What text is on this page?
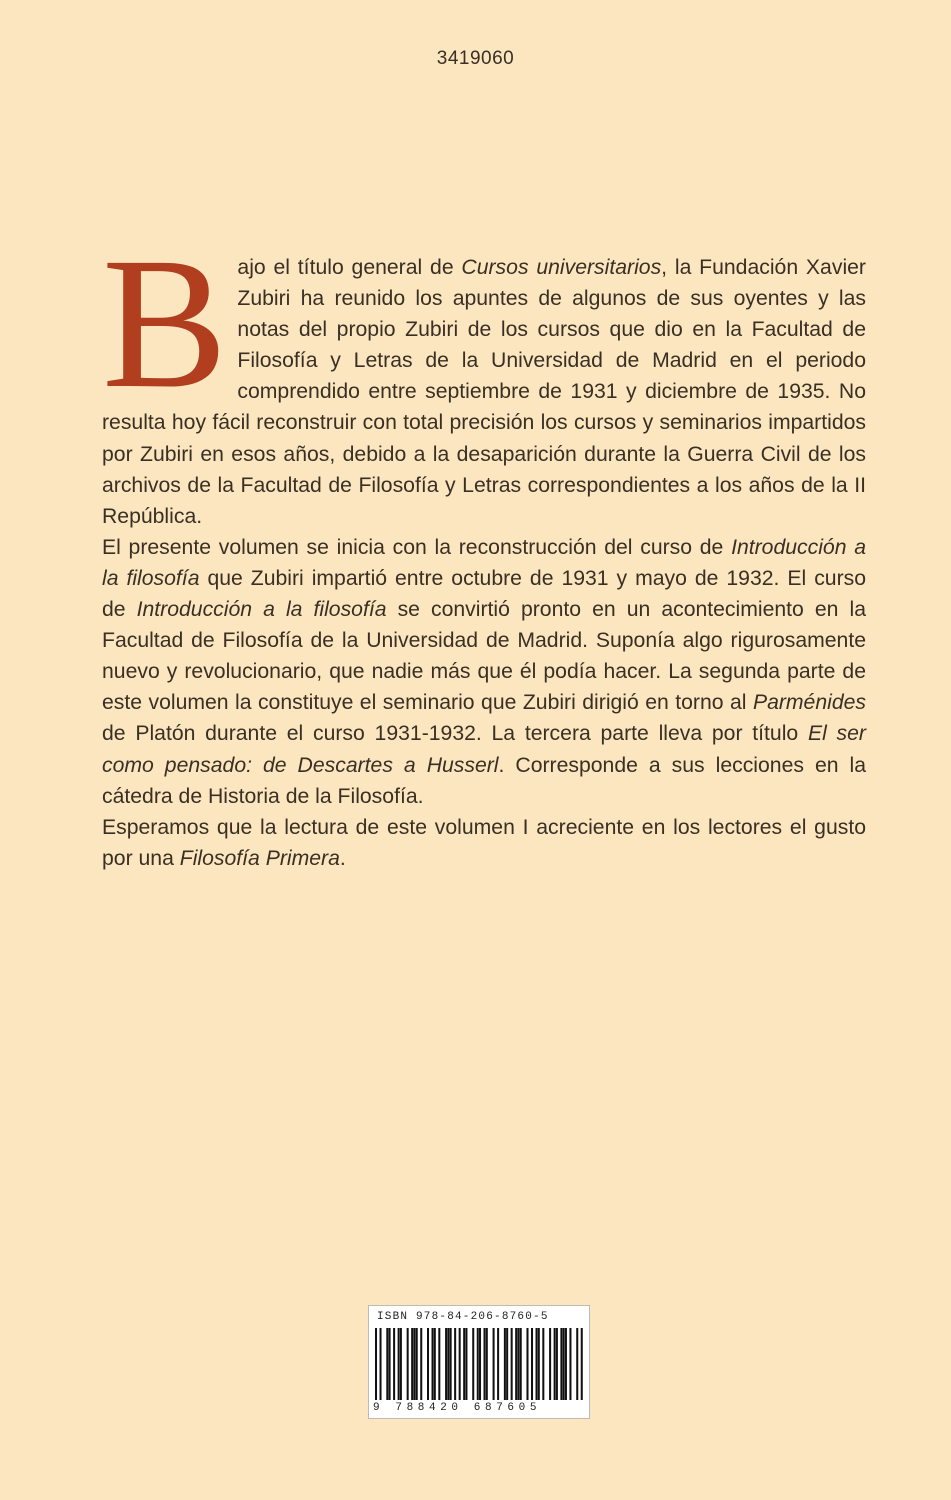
3419060
B ajo el título general de Cursos universitarios, la Fundación Xavier Zubiri ha reunido los apuntes de algunos de sus oyentes y las notas del propio Zubiri de los cursos que dio en la Facultad de Filosofía y Letras de la Universidad de Madrid en el periodo comprendido entre septiembre de 1931 y diciembre de 1935. No resulta hoy fácil reconstruir con total precisión los cursos y seminarios impartidos por Zubiri en esos años, debido a la desaparición durante la Guerra Civil de los archivos de la Facultad de Filosofía y Letras correspondientes a los años de la II República.

El presente volumen se inicia con la reconstrucción del curso de Introducción a la filosofía que Zubiri impartió entre octubre de 1931 y mayo de 1932. El curso de Introducción a la filosofía se convirtió pronto en un acontecimiento en la Facultad de Filosofía de la Universidad de Madrid. Suponía algo rigurosamente nuevo y revolucionario, que nadie más que él podía hacer. La segunda parte de este volumen la constituye el seminario que Zubiri dirigió en torno al Parménides de Platón durante el curso 1931-1932. La tercera parte lleva por título El ser como pensado: de Descartes a Husserl. Corresponde a sus lecciones en la cátedra de Historia de la Filosofía.

Esperamos que la lectura de este volumen I acreciente en los lectores el gusto por una Filosofía Primera.

ISBN 978-84-206-8760-5
9 788420 687605
